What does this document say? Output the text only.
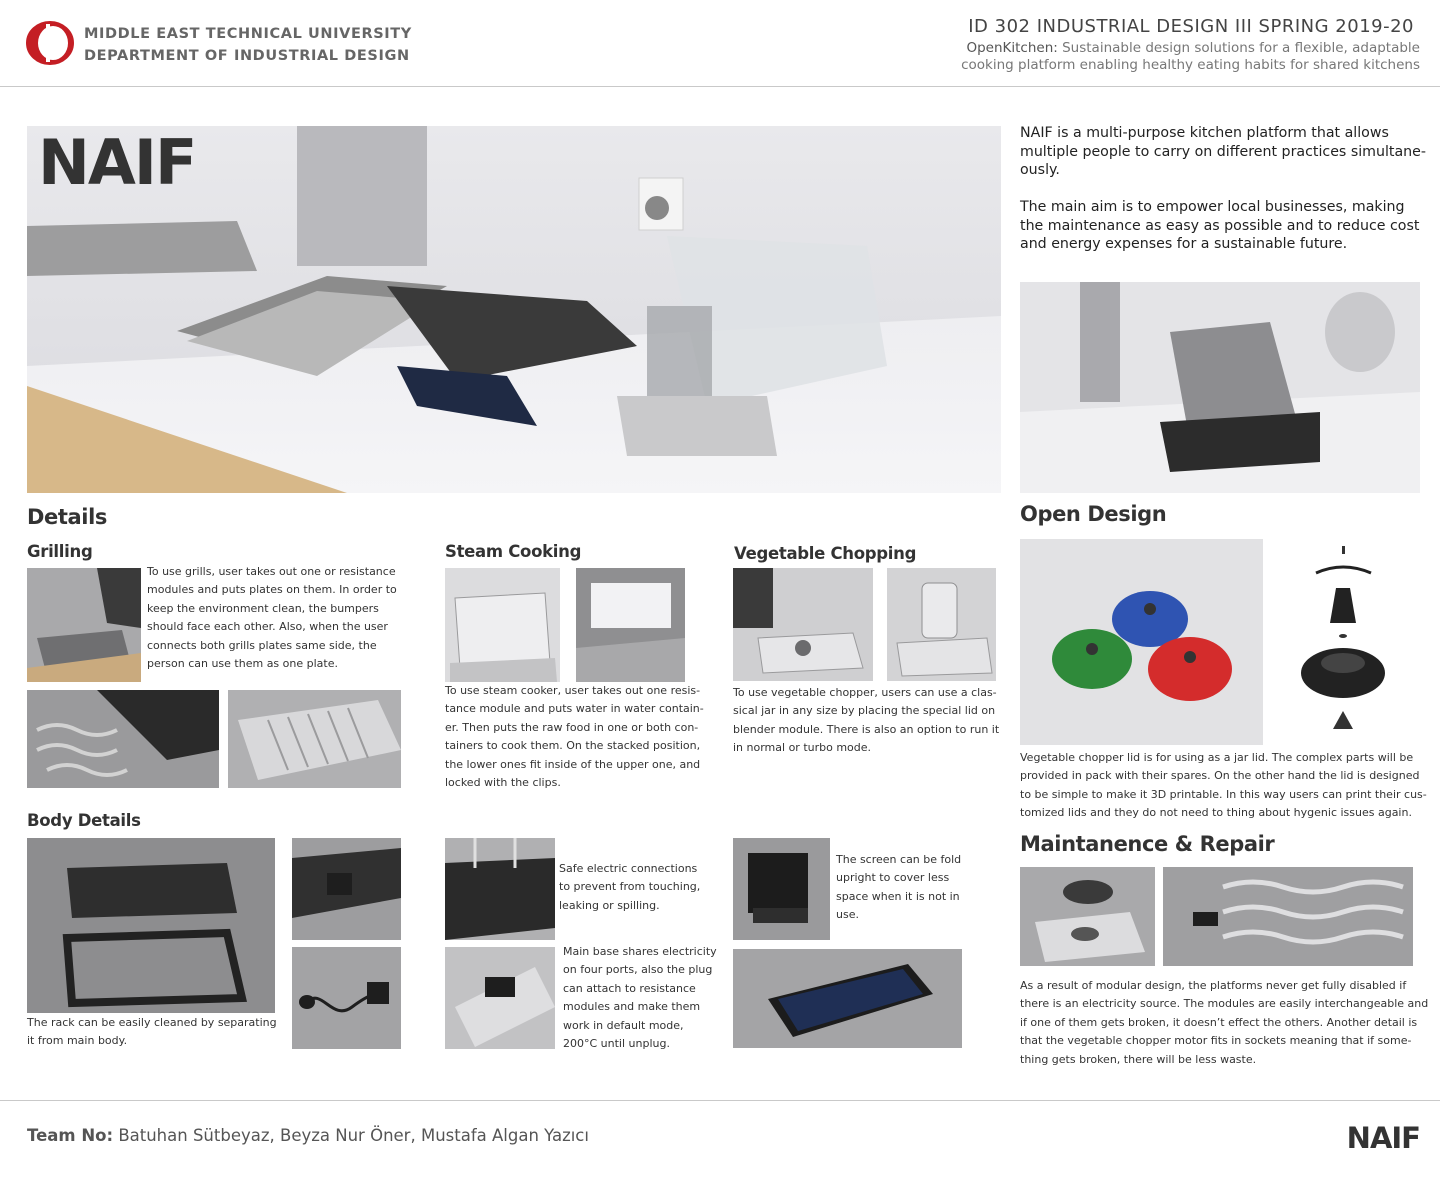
MIDDLE EAST TECHNICAL UNIVERSITY
DEPARTMENT OF INDUSTRIAL DESIGN
ID 302 INDUSTRIAL DESIGN III SPRING 2019-20
OpenKitchen: Sustainable design solutions for a flexible, adaptable
cooking platform enabling healthy eating habits for shared kitchens
NAIF	NAIF is a multi-purpose kitchen platform that allows
multiple people to carry on different practices simultane-
ously.
The main aim is to empower local businesses, making
the maintenance as easy as possible and to reduce cost
and energy expenses for a sustainable future.
Details
Grilling
To use grills, user takes out one or resistance
modules and puts plates on them. In order to
keep the environment clean, the bumpers
should face each other. Also, when the user
connects both grills plates same side, the
person can use them as one plate.
Steam Cooking
To use steam cooker, user takes out one resis-
tance module and puts water in water contain-
er. Then puts the raw food in one or both con-
tainers to cook them. On the stacked position,
the lower ones fit inside of the upper one, and
locked with the clips.
Vegetable Chopping
To use vegetable chopper, users can use a clas-
sical jar in any size by placing the special lid on
blender module. There is also an option to run it
in normal or turbo mode.
Body Details
The rack can be easily cleaned by separating
it from main body.
Safe electric connections
to prevent from touching,
leaking or spilling.
Main base shares electricity
on four ports, also the plug
can attach to resistance
modules and make them
work in default mode,
200°C until unplug.
The screen can be fold
upright to cover less
space when it is not in
use.
Open Design
Vegetable chopper lid is for using as a jar lid. The complex parts will be
provided in pack with their spares. On the other hand the lid is designed
to be simple to make it 3D printable. In this way users can print their cus-
tomized lids and they do not need to thing about hygenic issues again.
Maintanence & Repair
As a result of modular design, the platforms never get fully disabled if
there is an electricity source. The modules are easily interchangeable and
if one of them gets broken, it doesn’t effect the others. Another detail is
that the vegetable chopper motor fits in sockets meaning that if some-
thing gets broken, there will be less waste.
Team No: Batuhan Sütbeyaz, Beyza Nur Öner, Mustafa Algan Yazıcı	NAIF
